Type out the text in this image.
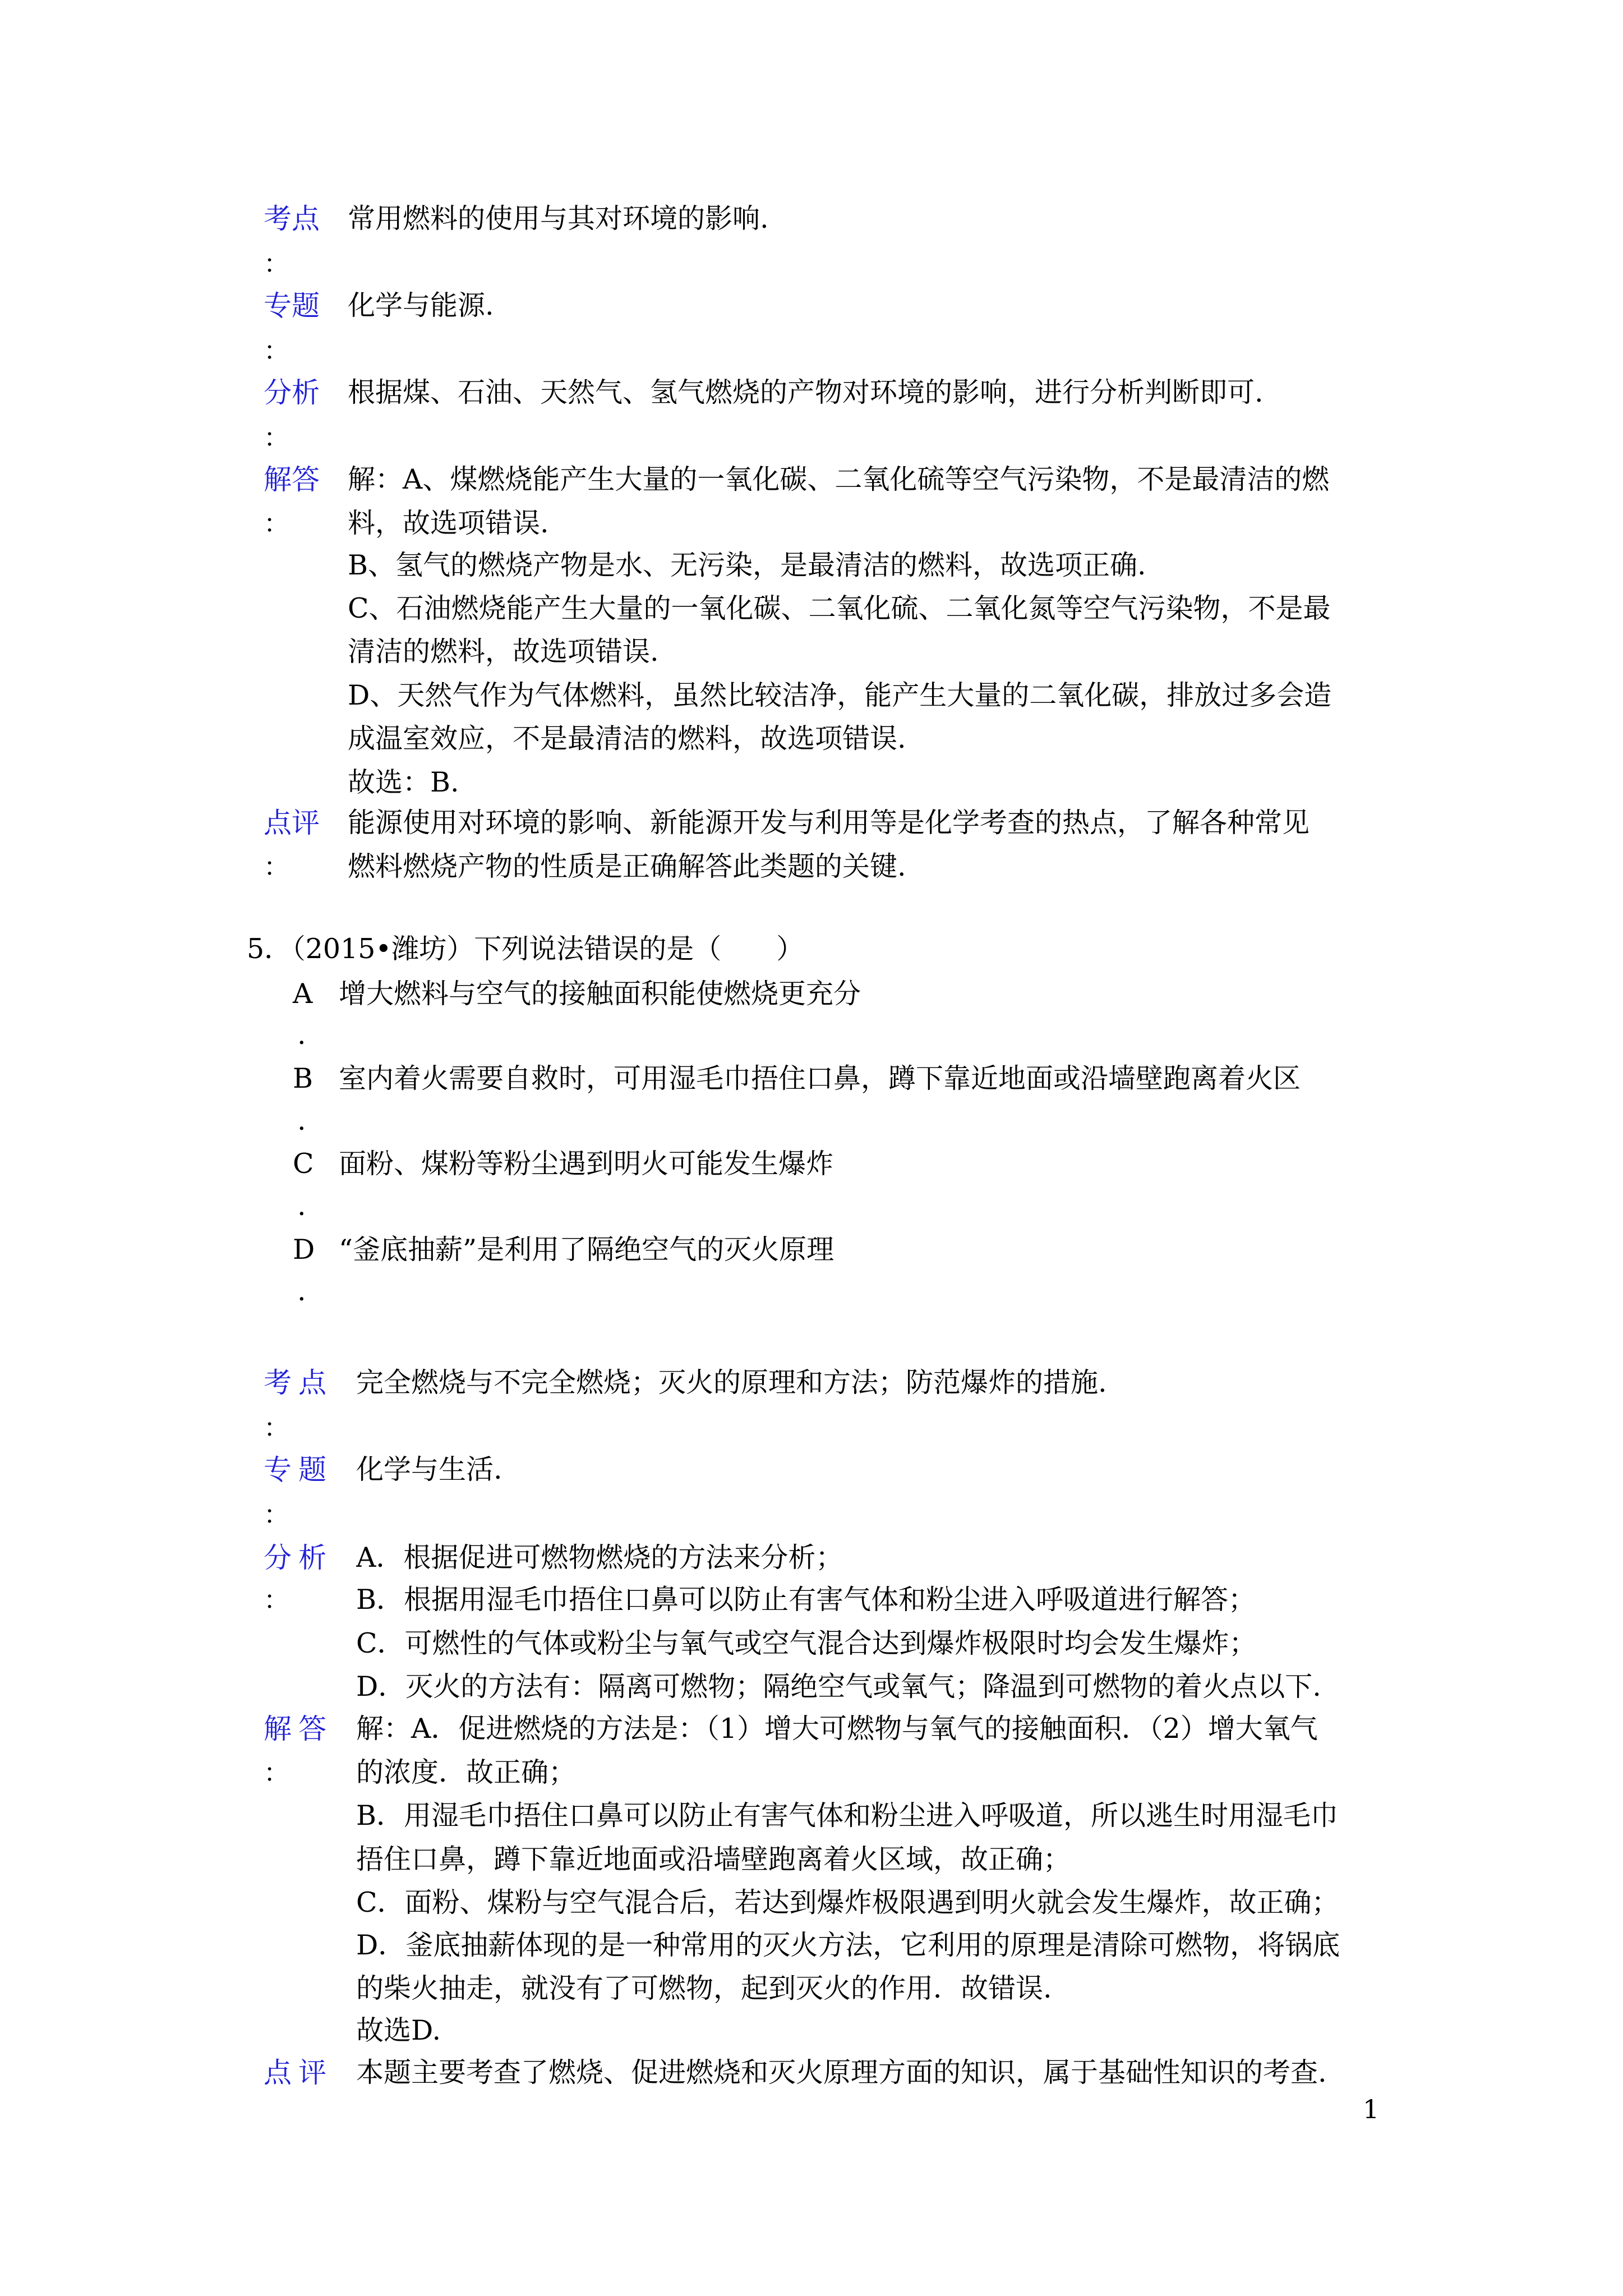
考点 常用燃料的使用与其对环境的影响.
：
专题 化学与能源.
：
分析 根据煤、石油、天然气、氢气燃烧的产物对环境的影响，进行分析判断即可.
：
解答 解：A、煤燃烧能产生大量的一氧化碳、二氧化硫等空气污染物，不是最清洁的燃
： 料，故选项错误.
B、氢气的燃烧产物是水、无污染，是最清洁的燃料，故选项正确.
C、石油燃烧能产生大量的一氧化碳、二氧化硫、二氧化氮等空气污染物，不是最
清洁的燃料，故选项错误.
D、天然气作为气体燃料，虽然比较洁净，能产生大量的二氧化碳，排放过多会造
成温室效应，不是最清洁的燃料，故选项错误.
故选：B.
点评 能源使用对环境的影响、新能源开发与利用等是化学考查的热点，了解各种常见
： 燃料燃烧产物的性质是正确解答此类题的关键.
5．（2015•潍坊）下列说法错误的是（　　）
A 增大燃料与空气的接触面积能使燃烧更充分
.
B 室内着火需要自救时，可用湿毛巾捂住口鼻，蹲下靠近地面或沿墙壁跑离着火区
.
C 面粉、煤粉等粉尘遇到明火可能发生爆炸
.
D “釜底抽薪”是利用了隔绝空气的灭火原理
.
考点 完全燃烧与不完全燃烧；灭火的原理和方法；防范爆炸的措施.
：
专题 化学与生活.
：
分析 A．根据促进可燃物燃烧的方法来分析；
： B．根据用湿毛巾捂住口鼻可以防止有害气体和粉尘进入呼吸道进行解答；
C．可燃性的气体或粉尘与氧气或空气混合达到爆炸极限时均会发生爆炸；
D．灭火的方法有：隔离可燃物；隔绝空气或氧气；降温到可燃物的着火点以下.
解答 解：A．促进燃烧的方法是：（1）增大可燃物与氧气的接触面积．（2）增大氧气
： 的浓度．故正确；
B．用湿毛巾捂住口鼻可以防止有害气体和粉尘进入呼吸道，所以逃生时用湿毛巾
捂住口鼻，蹲下靠近地面或沿墙壁跑离着火区域，故正确；
C．面粉、煤粉与空气混合后，若达到爆炸极限遇到明火就会发生爆炸，故正确；
D．釜底抽薪体现的是一种常用的灭火方法，它利用的原理是清除可燃物，将锅底
的柴火抽走，就没有了可燃物，起到灭火的作用．故错误.
故选D.
点评 本题主要考查了燃烧、促进燃烧和灭火原理方面的知识，属于基础性知识的考查.
1
